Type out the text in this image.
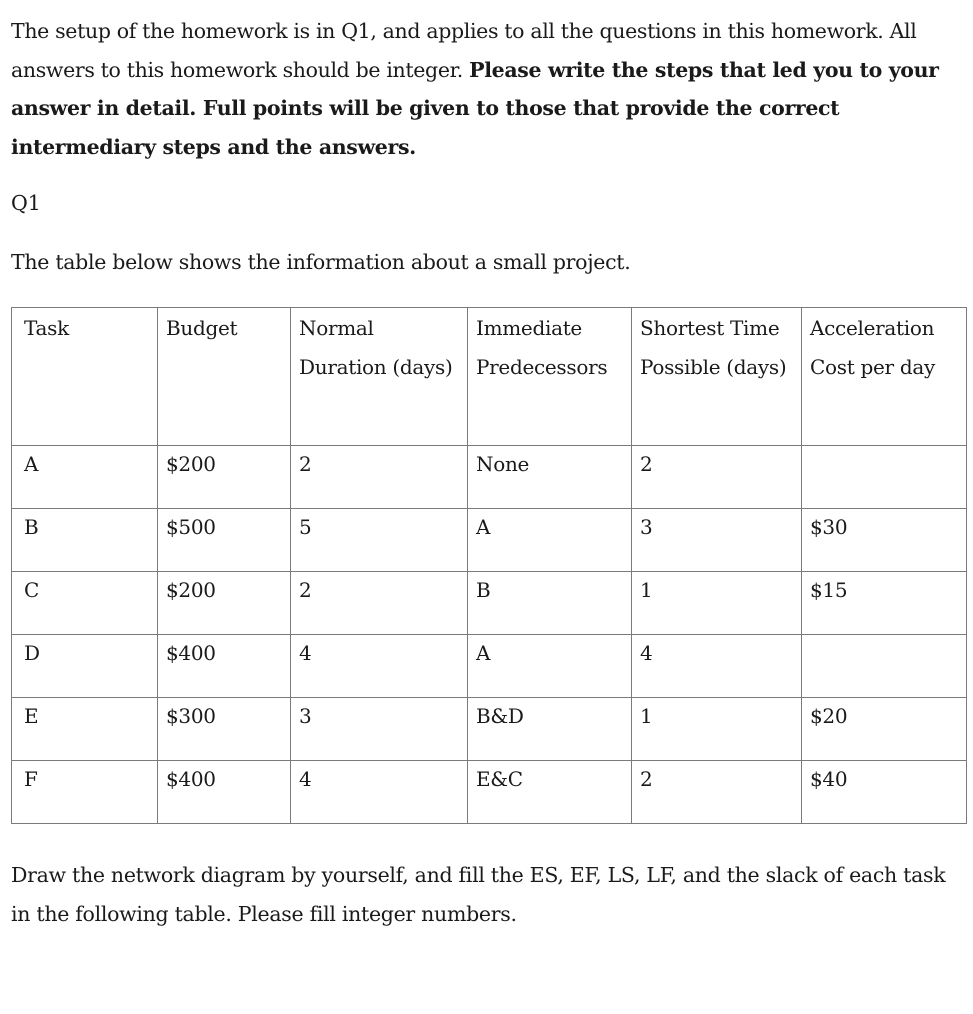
The setup of the homework is in Q1, and applies to all the questions in this homework. All answers to this homework should be integer. Please write the steps that led you to your answer in detail. Full points will be given to those that provide the correct intermediary steps and the answers.

Q1

The table below shows the information about a small project.

Task	Budget	Normal Duration (days)	Immediate Predecessors	Shortest Time Possible (days)	Acceleration Cost per day
A	$200	2	None	2	
B	$500	5	A	3	$30
C	$200	2	B	1	$15
D	$400	4	A	4	
E	$300	3	B&D	1	$20
F	$400	4	E&C	2	$40

Draw the network diagram by yourself, and fill the ES, EF, LS, LF, and the slack of each task in the following table. Please fill integer numbers.
